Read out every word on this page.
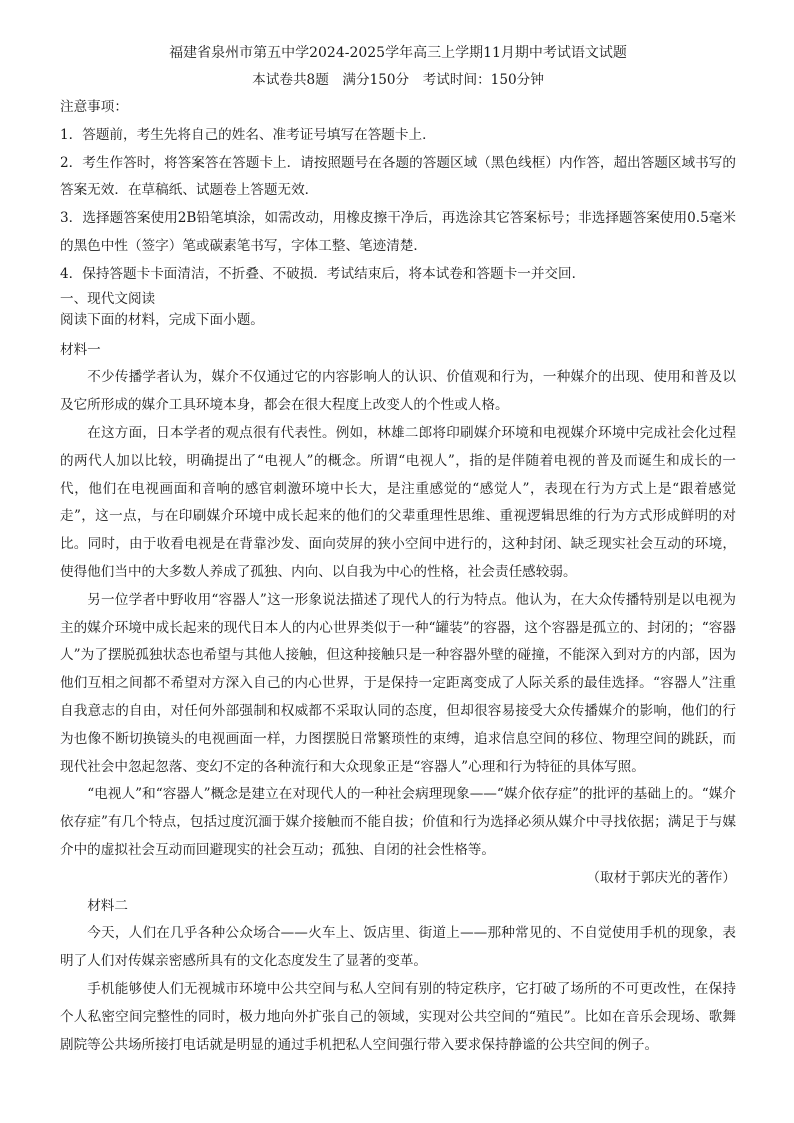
福建省泉州市第五中学2024-2025学年高三上学期11月期中考试语文试题

本试卷共8题　满分150分　考试时间：150分钟

注意事项：

1．答题前，考生先将自己的姓名、准考证号填写在答题卡上．

2．考生作答时，将答案答在答题卡上．请按照题号在各题的答题区域（黑色线框）内作答，超出答题区域书写的答案无效．在草稿纸、试题卷上答题无效．

3．选择题答案使用2B铅笔填涂，如需改动，用橡皮擦干净后，再选涂其它答案标号；非选择题答案使用0.5毫米的黑色中性（签字）笔或碳素笔书写，字体工整、笔迹清楚．

4．保持答题卡卡面清洁，不折叠、不破损．考试结束后，将本试卷和答题卡一并交回．

一、现代文阅读

阅读下面的材料，完成下面小题。

材料一

不少传播学者认为，媒介不仅通过它的内容影响人的认识、价值观和行为，一种媒介的出现、使用和普及以及它所形成的媒介工具环境本身，都会在很大程度上改变人的个性或人格。

在这方面，日本学者的观点很有代表性。例如，林雄二郎将印刷媒介环境和电视媒介环境中完成社会化过程的两代人加以比较，明确提出了“电视人”的概念。所谓“电视人”，指的是伴随着电视的普及而诞生和成长的一代，他们在电视画面和音响的感官刺激环境中长大，是注重感觉的“感觉人”，表现在行为方式上是“跟着感觉走”，这一点，与在印刷媒介环境中成长起来的他们的父辈重理性思维、重视逻辑思维的行为方式形成鲜明的对比。同时，由于收看电视是在背靠沙发、面向荧屏的狭小空间中进行的，这种封闭、缺乏现实社会互动的环境，使得他们当中的大多数人养成了孤独、内向、以自我为中心的性格，社会责任感较弱。

另一位学者中野收用“容器人”这一形象说法描述了现代人的行为特点。他认为，在大众传播特别是以电视为主的媒介环境中成长起来的现代日本人的内心世界类似于一种“罐装”的容器，这个容器是孤立的、封闭的；“容器人”为了摆脱孤独状态也希望与其他人接触，但这种接触只是一种容器外壁的碰撞，不能深入到对方的内部，因为他们互相之间都不希望对方深入自己的内心世界，于是保持一定距离变成了人际关系的最佳选择。“容器人”注重自我意志的自由，对任何外部强制和权威都不采取认同的态度，但却很容易接受大众传播媒介的影响，他们的行为也像不断切换镜头的电视画面一样，力图摆脱日常繁琐性的束缚，追求信息空间的移位、物理空间的跳跃，而现代社会中忽起忽落、变幻不定的各种流行和大众现象正是“容器人”心理和行为特征的具体写照。

“电视人”和“容器人”概念是建立在对现代人的一种社会病理现象——“媒介依存症”的批评的基础上的。“媒介依存症”有几个特点，包括过度沉湎于媒介接触而不能自拔；价值和行为选择必须从媒介中寻找依据；满足于与媒介中的虚拟社会互动而回避现实的社会互动；孤独、自闭的社会性格等。

（取材于郭庆光的著作）

材料二

今天，人们在几乎各种公众场合——火车上、饭店里、街道上——那种常见的、不自觉使用手机的现象，表明了人们对传媒亲密感所具有的文化态度发生了显著的变革。

手机能够使人们无视城市环境中公共空间与私人空间有别的特定秩序，它打破了场所的不可更改性，在保持个人私密空间完整性的同时，极力地向外扩张自己的领域，实现对公共空间的“殖民”。比如在音乐会现场、歌舞剧院等公共场所接打电话就是明显的通过手机把私人空间强行带入要求保持静谧的公共空间的例子。
